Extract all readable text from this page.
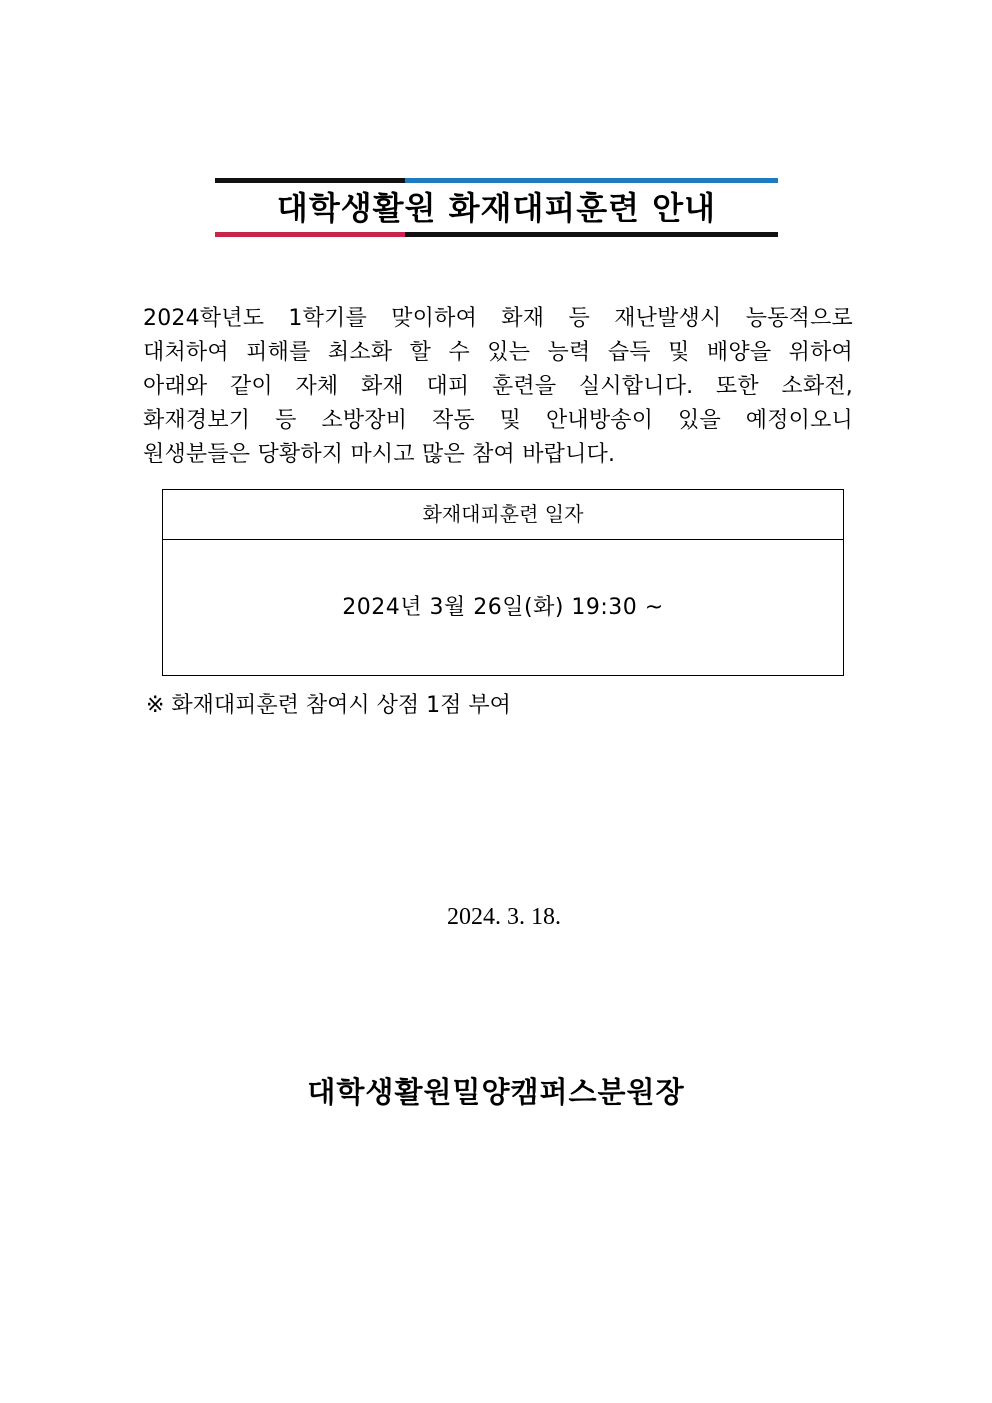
대학생활원 화재대피훈련 안내
2024학년도 1학기를 맞이하여 화재 등 재난발생시 능동적으로
대처하여 피해를 최소화 할 수 있는 능력 습득 및 배양을 위하여
아래와 같이 자체 화재 대피 훈련을 실시합니다. 또한 소화전,
화재경보기 등 소방장비 작동 및 안내방송이 있을 예정이오니
원생분들은 당황하지 마시고 많은 참여 바랍니다.
화재대피훈련 일자
2024년 3월 26일(화) 19:30 ~
※ 화재대피훈련 참여시 상점 1점 부여
2024. 3. 18.
대학생활원밀양캠퍼스분원장
